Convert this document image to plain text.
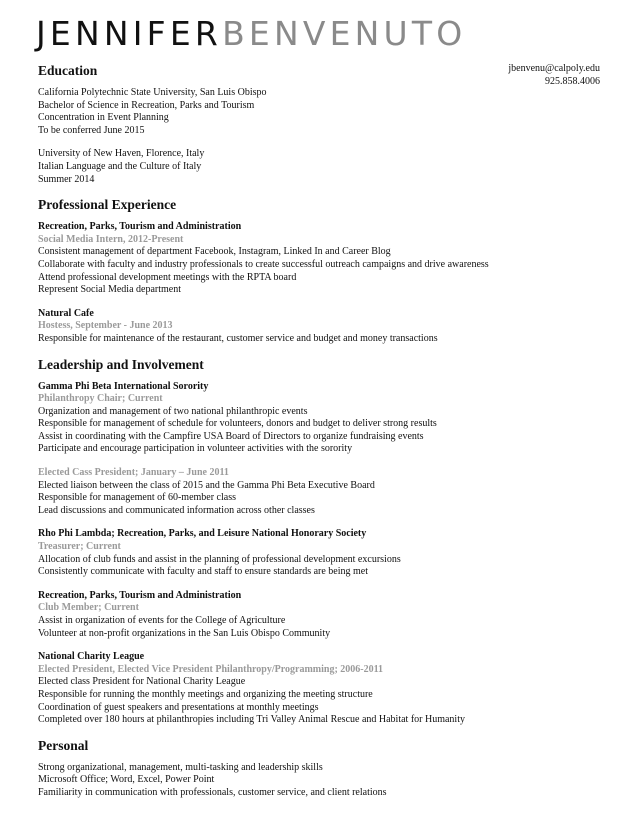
JENNIFERBENVENUTO
jbenvenu@calpoly.edu
925.858.4006
Education
California Polytechnic State University, San Luis Obispo
Bachelor of Science in Recreation, Parks and Tourism
Concentration in Event Planning
To be conferred June 2015
University of New Haven, Florence, Italy
Italian Language and the Culture of Italy
Summer 2014
Professional Experience
Recreation, Parks, Tourism and Administration
Social Media Intern, 2012-Present
Consistent management of department Facebook, Instagram, Linked In and Career Blog
Collaborate with faculty and industry professionals to create successful outreach campaigns and drive awareness
Attend professional development meetings with the RPTA board
Represent Social Media department
Natural Cafe
Hostess, September - June 2013
Responsible for maintenance of the restaurant, customer service and budget and money transactions
Leadership and Involvement
Gamma Phi Beta International Sorority
Philanthropy Chair; Current
Organization and management of two national philanthropic events
Responsible for management of schedule for volunteers, donors and budget to deliver strong results
Assist in coordinating with the Campfire USA Board of Directors to organize fundraising events
Participate and encourage participation in volunteer activities with the sorority
Elected Cass President; January – June 2011
Elected liaison between the class of 2015 and the Gamma Phi Beta Executive Board
Responsible for management of 60-member class
Lead discussions and communicated information across other classes
Rho Phi Lambda; Recreation, Parks, and Leisure National Honorary Society
Treasurer; Current
Allocation of club funds and assist in the planning of professional development excursions
Consistently communicate with faculty and staff to ensure standards are being met
Recreation, Parks, Tourism and Administration
Club Member; Current
Assist in organization of events for the College of Agriculture
Volunteer at non-profit organizations in the San Luis Obispo Community
National Charity League
Elected President, Elected Vice President Philanthropy/Programming; 2006-2011
Elected class President for National Charity League
Responsible for running the monthly meetings and organizing the meeting structure
Coordination of guest speakers and presentations at monthly meetings
Completed over 180 hours at philanthropies including Tri Valley Animal Rescue and Habitat for Humanity
Personal
Strong organizational, management, multi-tasking and leadership skills
Microsoft Office; Word, Excel, Power Point
Familiarity in communication with professionals, customer service, and client relations
